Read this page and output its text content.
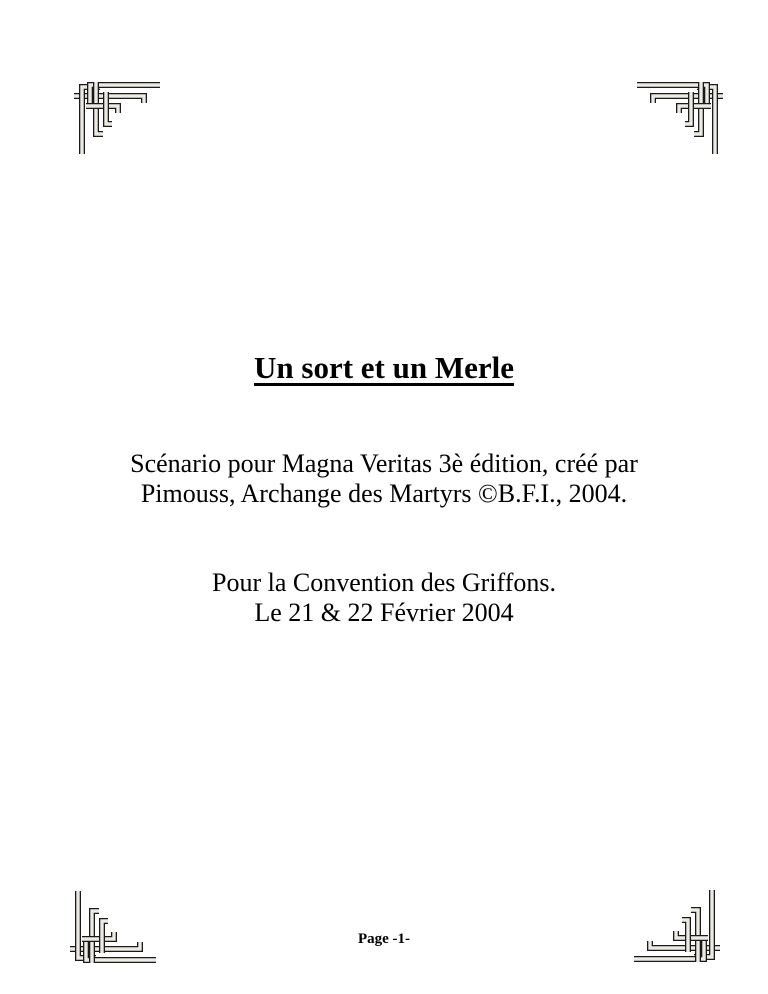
Un sort et un Merle

Scénario pour Magna Veritas 3è édition, créé par
Pimouss, Archange des Martyrs ©B.F.I., 2004.

Pour la Convention des Griffons.
Le 21 & 22 Février 2004

Page -1-
